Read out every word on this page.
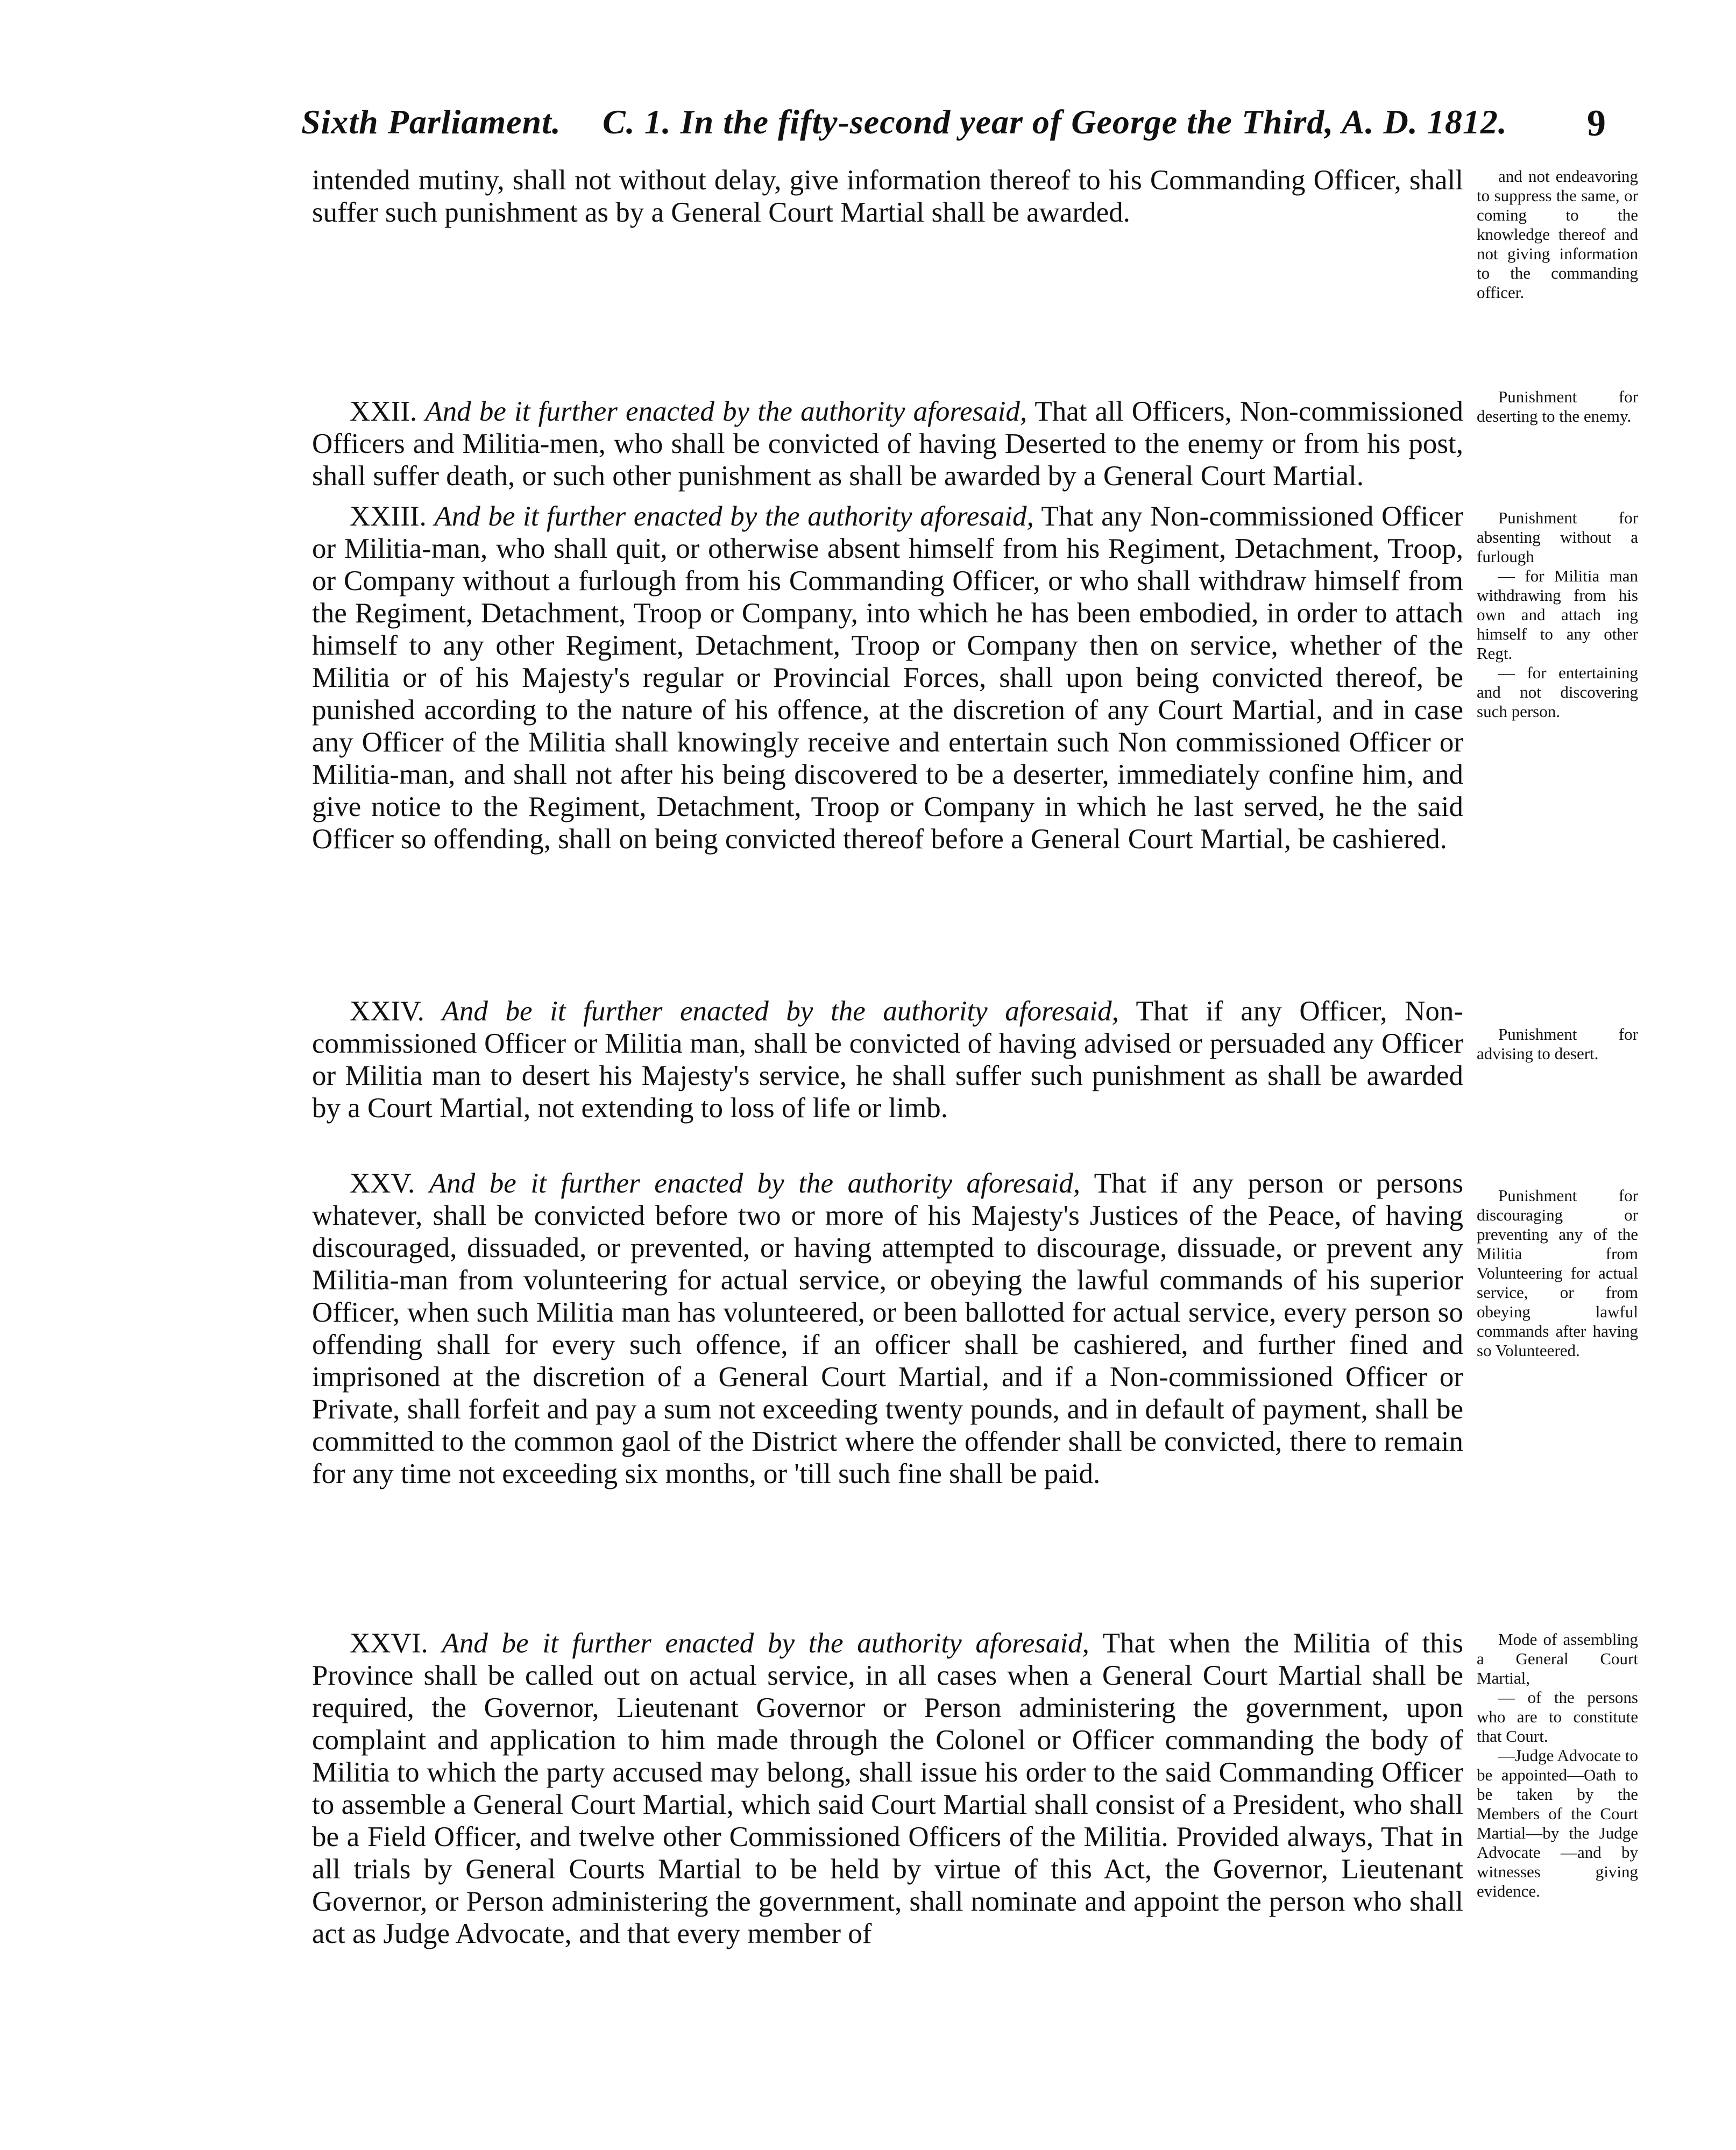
Sixth Parliament. C. 1. In the fifty-second year of George the Third, A. D. 1812. 9

intended mutiny, shall not without delay, give information thereof to his Commanding Officer, shall suffer such punishment as by a General Court Martial shall be awarded.

and not endeavoring to suppress the same, or coming to the knowledge thereof and not giving information to the commanding officer.

XXII. And be it further enacted by the authority aforesaid, That all Officers, Non-commissioned Officers and Militia-men, who shall be convicted of having Deserted to the enemy or from his post, shall suffer death, or such other punishment as shall be awarded by a General Court Martial.

Punishment for deserting to the enemy.

XXIII. And be it further enacted by the authority aforesaid, That any Non-commissioned Officer or Militia-man, who shall quit, or otherwise absent himself from his Regiment, Detachment, Troop, or Company without a furlough from his Commanding Officer, or who shall withdraw himself from the Regiment, Detachment, Troop or Company, into which he has been embodied, in order to attach himself to any other Regiment, Detachment, Troop or Company then on service, whether of the Militia or of his Majesty's regular or Provincial Forces, shall upon being convicted thereof, be punished according to the nature of his offence, at the discretion of any Court Martial, and in case any Officer of the Militia shall knowingly receive and entertain such Non commissioned Officer or Militia-man, and shall not after his being discovered to be a deserter, immediately confine him, and give notice to the Regiment, Detachment, Troop or Company in which he last served, he the said Officer so offending, shall on being convicted thereof before a General Court Martial, be cashiered.

Punishment for absenting without a furlough
— for Militia man withdrawing from his own and attach ing himself to any other Regt.
— for entertaining and not discovering such person.

XXIV. And be it further enacted by the authority aforesaid, That if any Officer, Non-commissioned Officer or Militia man, shall be convicted of having advised or persuaded any Officer or Militia man to desert his Majesty's service, he shall suffer such punishment as shall be awarded by a Court Martial, not extending to loss of life or limb.

Punishment for advising to desert.

XXV. And be it further enacted by the authority aforesaid, That if any person or persons whatever, shall be convicted before two or more of his Majesty's Justices of the Peace, of having discouraged, dissuaded, or prevented, or having attempted to discourage, dissuade, or prevent any Militia-man from volunteering for actual service, or obeying the lawful commands of his superior Officer, when such Militia man has volunteered, or been ballotted for actual service, every person so offending shall for every such offence, if an officer shall be cashiered, and further fined and imprisoned at the discretion of a General Court Martial, and if a Non-commissioned Officer or Private, shall forfeit and pay a sum not exceeding twenty pounds, and in default of payment, shall be committed to the common gaol of the District where the offender shall be convicted, there to remain for any time not exceeding six months, or 'till such fine shall be paid.

Punishment for discouraging or preventing any of the Militia from Volunteering for actual service, or from obeying lawful commands after having so Volunteered.

XXVI. And be it further enacted by the authority aforesaid, That when the Militia of this Province shall be called out on actual service, in all cases when a General Court Martial shall be required, the Governor, Lieutenant Governor or Person administering the government, upon complaint and application to him made through the Colonel or Officer commanding the body of Militia to which the party accused may belong, shall issue his order to the said Commanding Officer to assemble a General Court Martial, which said Court Martial shall consist of a President, who shall be a Field Officer, and twelve other Commissioned Officers of the Militia. Provided always, That in all trials by General Courts Martial to be held by virtue of this Act, the Governor, Lieutenant Governor, or Person administering the government, shall nominate and appoint the person who shall act as Judge Advocate, and that every member of

Mode of assembling a General Court Martial,
— of the persons who are to constitute that Court.
—Judge Advocate to be appointed—Oath to be taken by the Members of the Court Martial—by the Judge Advocate —and by witnesses giving evidence.
